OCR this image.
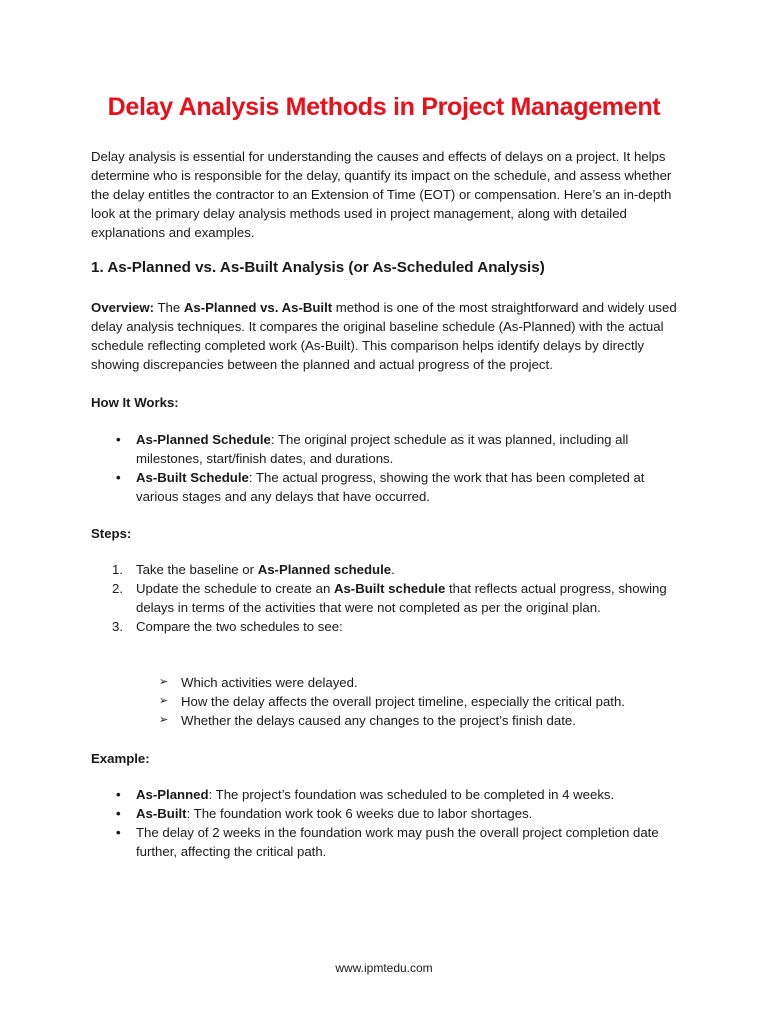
Delay Analysis Methods in Project Management
Delay analysis is essential for understanding the causes and effects of delays on a project. It helps determine who is responsible for the delay, quantify its impact on the schedule, and assess whether the delay entitles the contractor to an Extension of Time (EOT) or compensation. Here’s an in-depth look at the primary delay analysis methods used in project management, along with detailed explanations and examples.
1. As-Planned vs. As-Built Analysis (or As-Scheduled Analysis)
Overview: The As-Planned vs. As-Built method is one of the most straightforward and widely used delay analysis techniques. It compares the original baseline schedule (As-Planned) with the actual schedule reflecting completed work (As-Built). This comparison helps identify delays by directly showing discrepancies between the planned and actual progress of the project.
How It Works:
• As-Planned Schedule: The original project schedule as it was planned, including all milestones, start/finish dates, and durations.
• As-Built Schedule: The actual progress, showing the work that has been completed at various stages and any delays that have occurred.
Steps:
1. Take the baseline or As-Planned schedule.
2. Update the schedule to create an As-Built schedule that reflects actual progress, showing delays in terms of the activities that were not completed as per the original plan.
3. Compare the two schedules to see:
➢ Which activities were delayed.
➢ How the delay affects the overall project timeline, especially the critical path.
➢ Whether the delays caused any changes to the project’s finish date.
Example:
• As-Planned: The project’s foundation was scheduled to be completed in 4 weeks.
• As-Built: The foundation work took 6 weeks due to labor shortages.
• The delay of 2 weeks in the foundation work may push the overall project completion date further, affecting the critical path.
www.ipmtedu.com
